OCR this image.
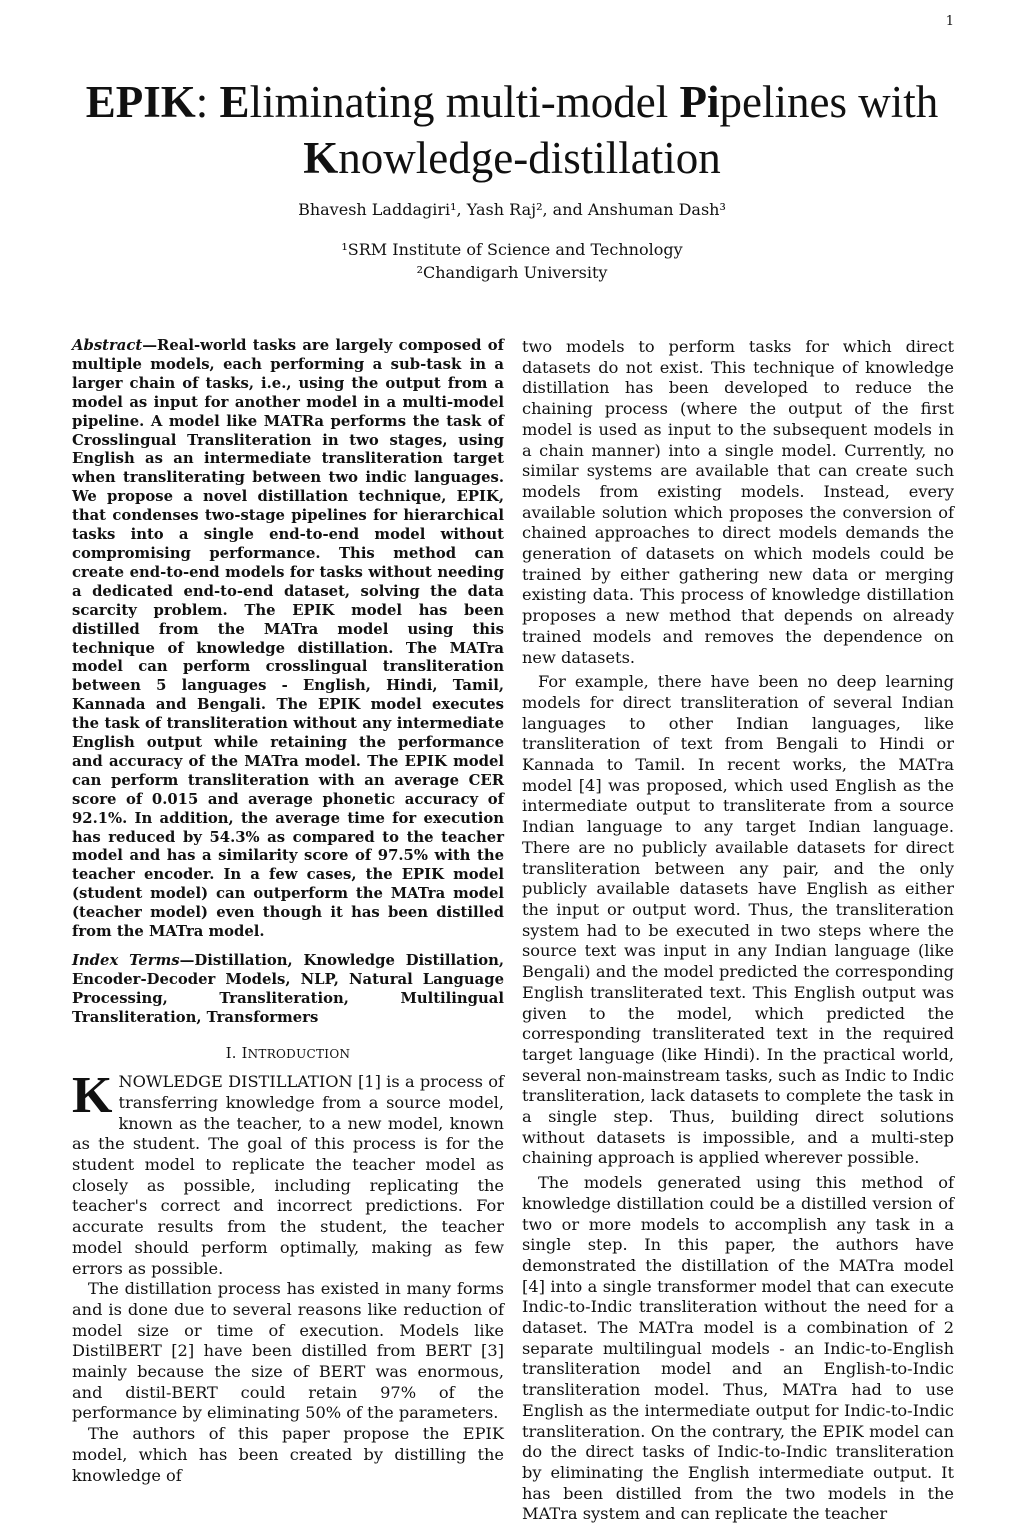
1
EPIK: Eliminating multi-model Pipelines with
Knowledge-distillation
Bhavesh Laddagiri¹, Yash Raj², and Anshuman Dash³
¹SRM Institute of Science and Technology
²Chandigarh University

Abstract—Real-world tasks are largely composed of multiple models, each performing a sub-task in a larger chain of tasks, i.e., using the output from a model as input for another model in a multi-model pipeline. A model like MATRa performs the task of Crosslingual Transliteration in two stages, using English as an intermediate transliteration target when transliterating between two indic languages. We propose a novel distillation technique, EPIK, that condenses two-stage pipelines for hierarchical tasks into a single end-to-end model without compromising performance. This method can create end-to-end models for tasks without needing a dedicated end-to-end dataset, solving the data scarcity problem. The EPIK model has been distilled from the MATra model using this technique of knowledge distillation. The MATra model can perform crosslingual transliteration between 5 languages - English, Hindi, Tamil, Kannada and Bengali. The EPIK model executes the task of transliteration without any intermediate English output while retaining the performance and accuracy of the MATra model. The EPIK model can perform transliteration with an average CER score of 0.015 and average phonetic accuracy of 92.1%. In addition, the average time for execution has reduced by 54.3% as compared to the teacher model and has a similarity score of 97.5% with the teacher encoder. In a few cases, the EPIK model (student model) can outperform the MATra model (teacher model) even though it has been distilled from the MATra model.

Index Terms—Distillation, Knowledge Distillation, Encoder-Decoder Models, NLP, Natural Language Processing, Transliteration, Multilingual Transliteration, Transformers

I. INTRODUCTION

KNOWLEDGE DISTILLATION [1] is a process of transferring knowledge from a source model, known as the teacher, to a new model, known as the student. The goal of this process is for the student model to replicate the teacher model as closely as possible, including replicating the teacher's correct and incorrect predictions. For accurate results from the student, the teacher model should perform optimally, making as few errors as possible.

The distillation process has existed in many forms and is done due to several reasons like reduction of model size or time of execution. Models like DistilBERT [2] have been distilled from BERT [3] mainly because the size of BERT was enormous, and distil-BERT could retain 97% of the performance by eliminating 50% of the parameters.

The authors of this paper propose the EPIK model, which has been created by distilling the knowledge of

two models to perform tasks for which direct datasets do not exist. This technique of knowledge distillation has been developed to reduce the chaining process (where the output of the first model is used as input to the subsequent models in a chain manner) into a single model. Currently, no similar systems are available that can create such models from existing models. Instead, every available solution which proposes the conversion of chained approaches to direct models demands the generation of datasets on which models could be trained by either gathering new data or merging existing data. This process of knowledge distillation proposes a new method that depends on already trained models and removes the dependence on new datasets.

For example, there have been no deep learning models for direct transliteration of several Indian languages to other Indian languages, like transliteration of text from Bengali to Hindi or Kannada to Tamil. In recent works, the MATra model [4] was proposed, which used English as the intermediate output to transliterate from a source Indian language to any target Indian language. There are no publicly available datasets for direct transliteration between any pair, and the only publicly available datasets have English as either the input or output word. Thus, the transliteration system had to be executed in two steps where the source text was input in any Indian language (like Bengali) and the model predicted the corresponding English transliterated text. This English output was given to the model, which predicted the corresponding transliterated text in the required target language (like Hindi). In the practical world, several non-mainstream tasks, such as Indic to Indic transliteration, lack datasets to complete the task in a single step. Thus, building direct solutions without datasets is impossible, and a multi-step chaining approach is applied wherever possible.

The models generated using this method of knowledge distillation could be a distilled version of two or more models to accomplish any task in a single step. In this paper, the authors have demonstrated the distillation of the MATra model [4] into a single transformer model that can execute Indic-to-Indic transliteration without the need for a dataset. The MATra model is a combination of 2 separate multilingual models - an Indic-to-English transliteration model and an English-to-Indic transliteration model. Thus, MATra had to use English as the intermediate output for Indic-to-Indic transliteration. On the contrary, the EPIK model can do the direct tasks of Indic-to-Indic transliteration by eliminating the English intermediate output. It has been distilled from the two models in the MATra system and can replicate the teacher
